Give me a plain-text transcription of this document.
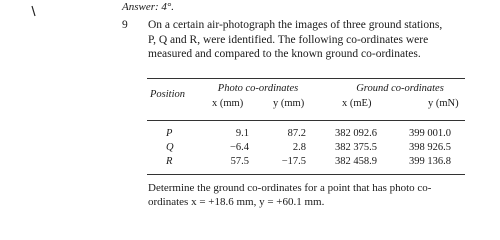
Answer: 4°.
9 On a certain air-photograph the images of three ground stations,
P, Q and R, were identified. The following co-ordinates were
measured and compared to the known ground co-ordinates.
Position
Photo co-ordinates	Ground co-ordinates
x (mm)	y (mm)	x (mE)	y (mN)
P	9.1	87.2	382 092.6	399 001.0
Q	−6.4	2.8	382 375.5	398 926.5
R	57.5	−17.5	382 458.9	399 136.8
Determine the ground co-ordinates for a point that has photo co-
ordinates x = +18.6 mm, y = +60.1 mm.
